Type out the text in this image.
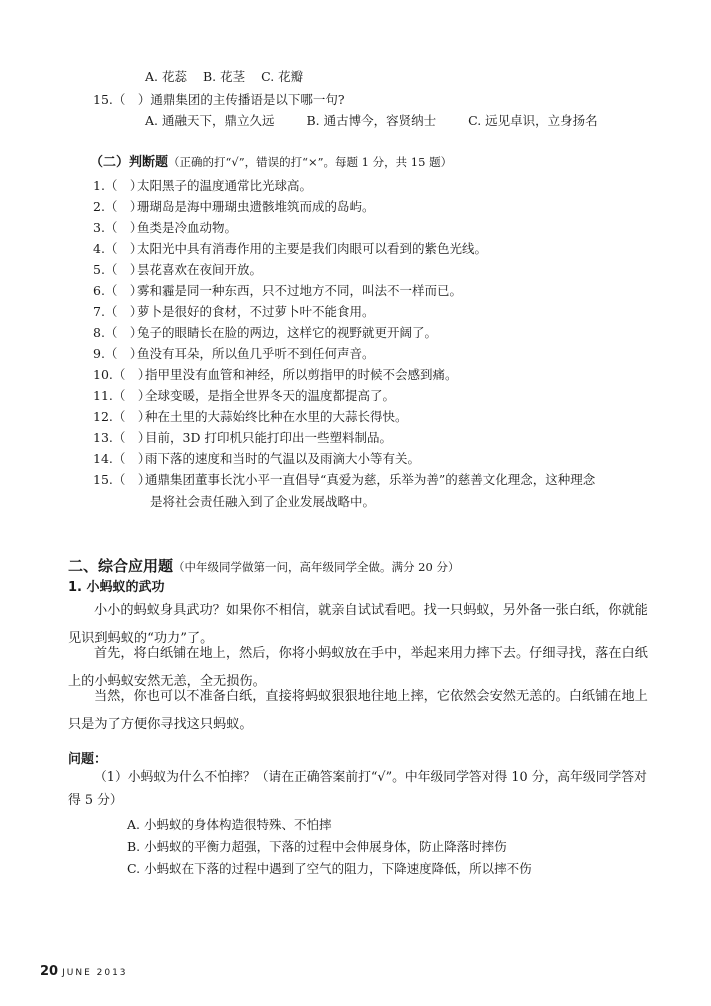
A. 花蕊 B. 花茎 C. 花瓣
15.（　）通鼎集团的主传播语是以下哪一句?
A. 通融天下，鼎立久远	B. 通古博今，容贤纳士	C. 远见卓识，立身扬名
（二）判断题（正确的打“√”，错误的打“×”。每题 1 分，共 15 题）
1.（　）太阳黑子的温度通常比光球高。
2.（　）珊瑚岛是海中珊瑚虫遗骸堆筑而成的岛屿。
3.（　）鱼类是冷血动物。
4.（　）太阳光中具有消毒作用的主要是我们肉眼可以看到的紫色光线。
5.（　）昙花喜欢在夜间开放。
6.（　）雾和霾是同一种东西，只不过地方不同，叫法不一样而已。
7.（　）萝卜是很好的食材，不过萝卜叶不能食用。
8.（　）兔子的眼睛长在脸的两边，这样它的视野就更开阔了。
9.（　）鱼没有耳朵，所以鱼几乎听不到任何声音。
10.（　）指甲里没有血管和神经，所以剪指甲的时候不会感到痛。
11.（　）全球变暖，是指全世界冬天的温度都提高了。
12.（　）种在土里的大蒜始终比种在水里的大蒜长得快。
13.（　）目前，3D 打印机只能打印出一些塑料制品。
14.（　）雨下落的速度和当时的气温以及雨滴大小等有关。
15.（　）通鼎集团董事长沈小平一直倡导“真爱为慈，乐举为善”的慈善文化理念，这种理念
是将社会责任融入到了企业发展战略中。
二、综合应用题（中年级同学做第一问，高年级同学全做。满分 20 分）
1. 小蚂蚁的武功
小小的蚂蚁身具武功？如果你不相信，就亲自试试看吧。找一只蚂蚁，另外备一张白纸，你就能见识到蚂蚁的“功力”了。
首先，将白纸铺在地上，然后，你将小蚂蚁放在手中，举起来用力摔下去。仔细寻找，落在白纸上的小蚂蚁安然无恙，全无损伤。
当然，你也可以不准备白纸，直接将蚂蚁狠狠地往地上摔，它依然会安然无恙的。白纸铺在地上只是为了方便你寻找这只蚂蚁。
问题：
（1）小蚂蚁为什么不怕摔？（请在正确答案前打“√”。中年级同学答对得 10 分，高年级同学答对得 5 分）
A. 小蚂蚁的身体构造很特殊、不怕摔
B. 小蚂蚁的平衡力超强，下落的过程中会伸展身体，防止降落时摔伤
C. 小蚂蚁在下落的过程中遇到了空气的阻力，下降速度降低，所以摔不伤
20 JUNE 2013
